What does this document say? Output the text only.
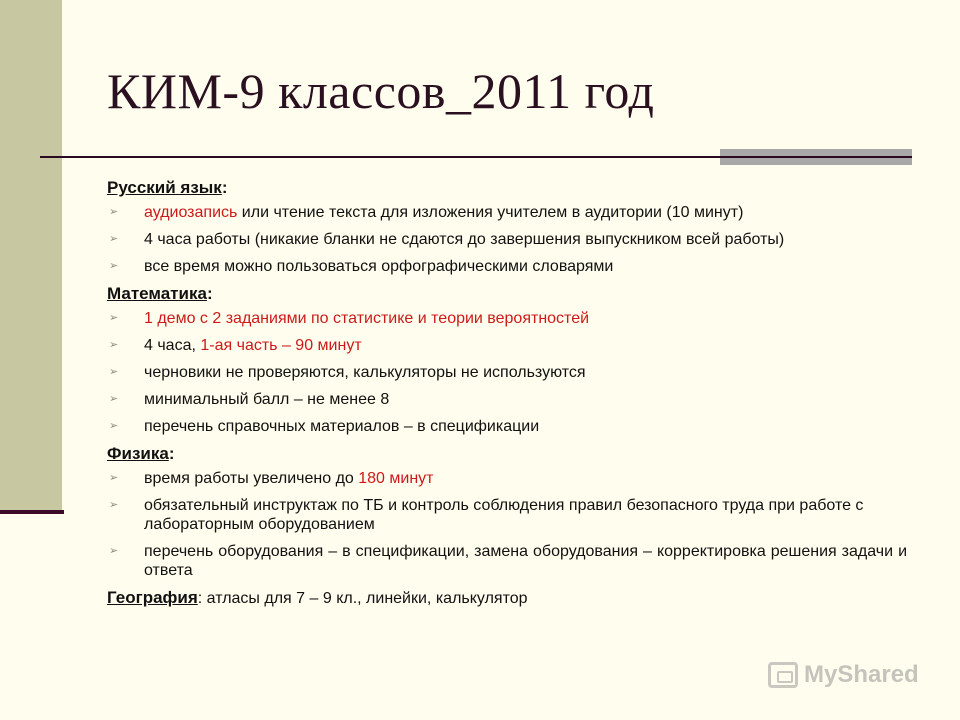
КИМ-9 классов_2011 год
Русский язык:
➢ аудиозапись или чтение текста для изложения учителем в аудитории (10 минут)
➢ 4 часа работы (никакие бланки не сдаются до завершения выпускником всей работы)
➢ все время можно пользоваться орфографическими словарями
Математика:
➢ 1 демо с 2 заданиями по статистике и теории вероятностей
➢ 4 часа, 1-ая часть – 90 минут
➢ черновики не проверяются, калькуляторы не используются
➢ минимальный балл – не менее 8
➢ перечень справочных материалов – в спецификации
Физика:
➢ время работы увеличено до 180 минут
➢ обязательный инструктаж по ТБ и контроль соблюдения правил безопасного труда при работе с лабораторным оборудованием
➢ перечень оборудования – в спецификации, замена оборудования – корректировка решения задачи и ответа
География: атласы для 7 – 9 кл., линейки, калькулятор
MyShared
